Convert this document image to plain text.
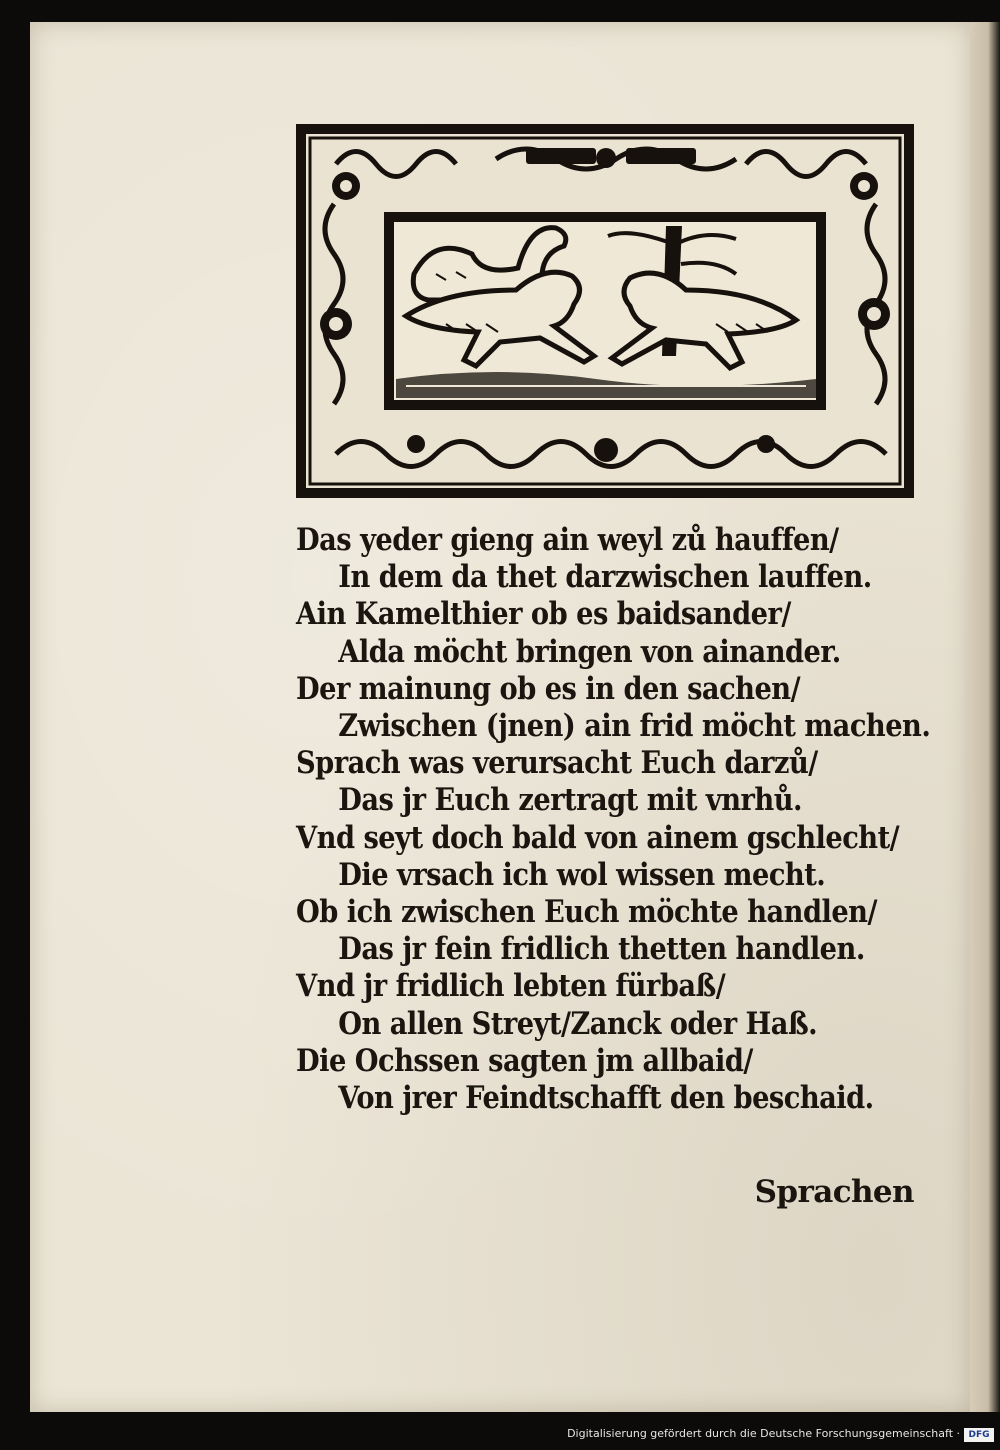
Das yeder gieng ain weyl zů hauffen/
In dem da thet darzwischen lauffen.
Ain Kamelthier ob es baidsander/
Alda möcht bringen von ainander.
Der mainung ob es in den sachen/
Zwischen (jnen) ain frid möcht machen.
Sprach was verursacht Euch darzů/
Das jr Euch zertragt mit vnrhů.
Vnd seyt doch bald von ainem gschlecht/
Die vrsach ich wol wissen mecht.
Ob ich zwischen Euch möchte handlen/
Das jr fein fridlich thetten handlen.
Vnd jr fridlich lebten fürbaß/
On allen Streyt/Zanck oder Haß.
Die Ochssen sagten jm allbaid/
Von jrer Feindtschafft den beschaid.
Sprachen
Digitalisierung gefördert durch die Deutsche Forschungsgemeinschaft · DFG
